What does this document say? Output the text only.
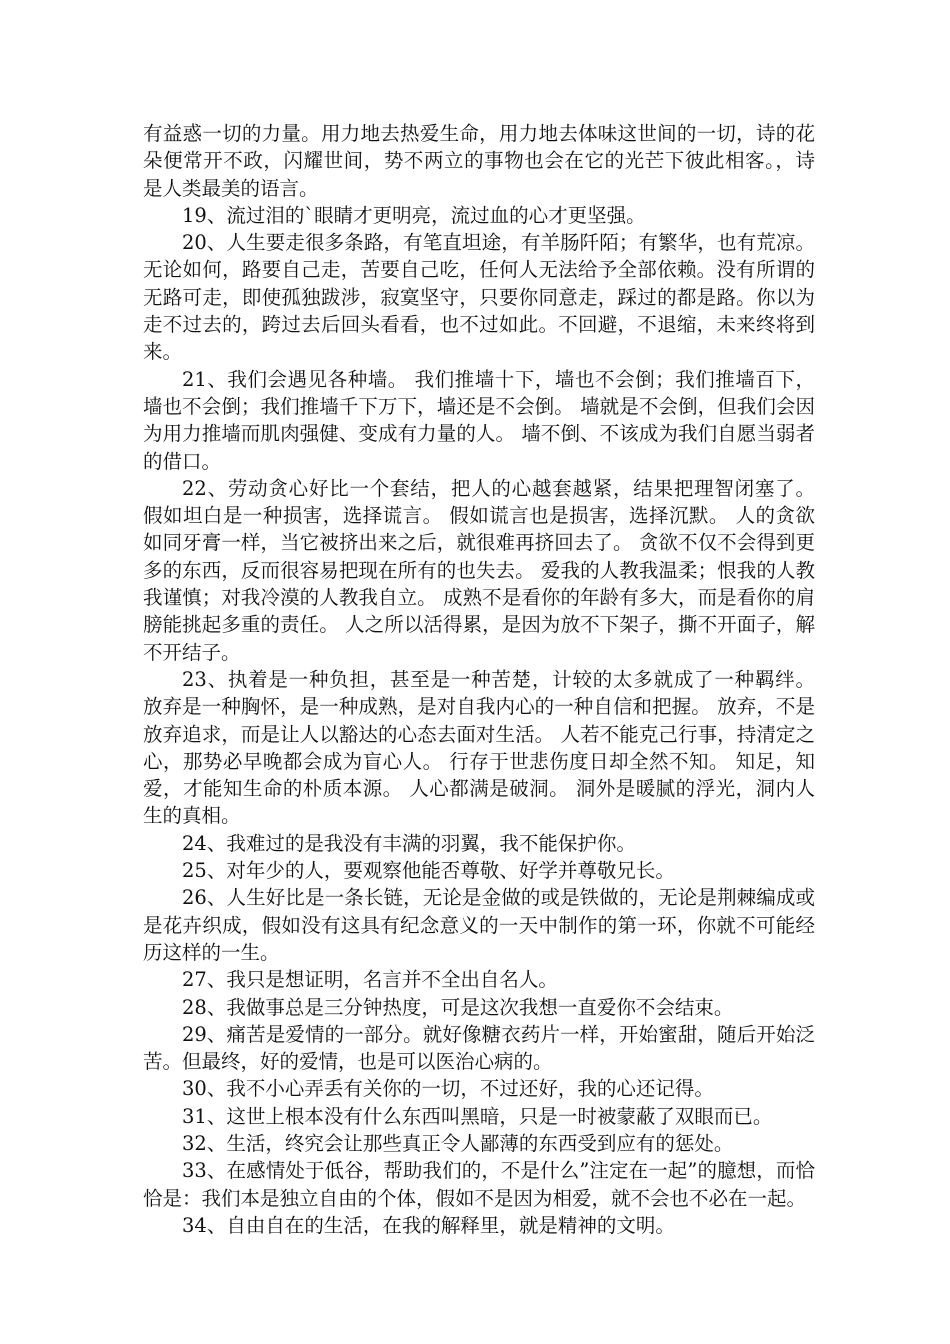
有益惑一切的力量。用力地去热爱生命，用力地去体味这世间的一切，诗的花朵便常开不政，闪耀世间，势不两立的事物也会在它的光芒下彼此相客。，诗是人类最美的语言。

19、流过泪的`眼睛才更明亮，流过血的心才更坚强。

20、人生要走很多条路，有笔直坦途，有羊肠阡陌；有繁华，也有荒凉。无论如何，路要自己走，苦要自己吃，任何人无法给予全部依赖。没有所谓的无路可走，即使孤独跋涉，寂寞坚守，只要你同意走，踩过的都是路。你以为走不过去的，跨过去后回头看看，也不过如此。不回避，不退缩，未来终将到来。

21、我们会遇见各种墙。 我们推墙十下，墙也不会倒；我们推墙百下，墙也不会倒；我们推墙千下万下，墙还是不会倒。 墙就是不会倒，但我们会因为用力推墙而肌肉强健、变成有力量的人。 墙不倒、不该成为我们自愿当弱者的借口。

22、劳动贪心好比一个套结，把人的心越套越紧，结果把理智闭塞了。 假如坦白是一种损害，选择谎言。 假如谎言也是损害，选择沉默。 人的贪欲如同牙膏一样，当它被挤出来之后，就很难再挤回去了。 贪欲不仅不会得到更多的东西，反而很容易把现在所有的也失去。 爱我的人教我温柔；恨我的人教我谨慎；对我冷漠的人教我自立。 成熟不是看你的年龄有多大，而是看你的肩膀能挑起多重的责任。 人之所以活得累，是因为放不下架子，撕不开面子，解不开结子。

23、执着是一种负担，甚至是一种苦楚，计较的太多就成了一种羁绊。 放弃是一种胸怀，是一种成熟，是对自我内心的一种自信和把握。 放弃，不是放弃追求，而是让人以豁达的心态去面对生活。 人若不能克己行事，持清定之心，那势必早晚都会成为盲心人。 行存于世悲伤度日却全然不知。 知足，知爱，才能知生命的朴质本源。 人心都满是破洞。 洞外是暖腻的浮光，洞内人生的真相。

24、我难过的是我没有丰满的羽翼，我不能保护你。

25、对年少的人，要观察他能否尊敬、好学并尊敬兄长。

26、人生好比是一条长链，无论是金做的或是铁做的，无论是荆棘编成或是花卉织成，假如没有这具有纪念意义的一天中制作的第一环，你就不可能经历这样的一生。

27、我只是想证明，名言并不全出自名人。

28、我做事总是三分钟热度，可是这次我想一直爱你不会结束。

29、痛苦是爱情的一部分。就好像糖衣药片一样，开始蜜甜，随后开始泛苦。但最终，好的爱情，也是可以医治心病的。

30、我不小心弄丢有关你的一切，不过还好，我的心还记得。

31、这世上根本没有什么东西叫黑暗，只是一时被蒙蔽了双眼而已。

32、生活，终究会让那些真正令人鄙薄的东西受到应有的惩处。

33、在感情处于低谷，帮助我们的，不是什么”注定在一起”的臆想，而恰恰是：我们本是独立自由的个体，假如不是因为相爱，就不会也不必在一起。

34、自由自在的生活，在我的解释里，就是精神的文明。
